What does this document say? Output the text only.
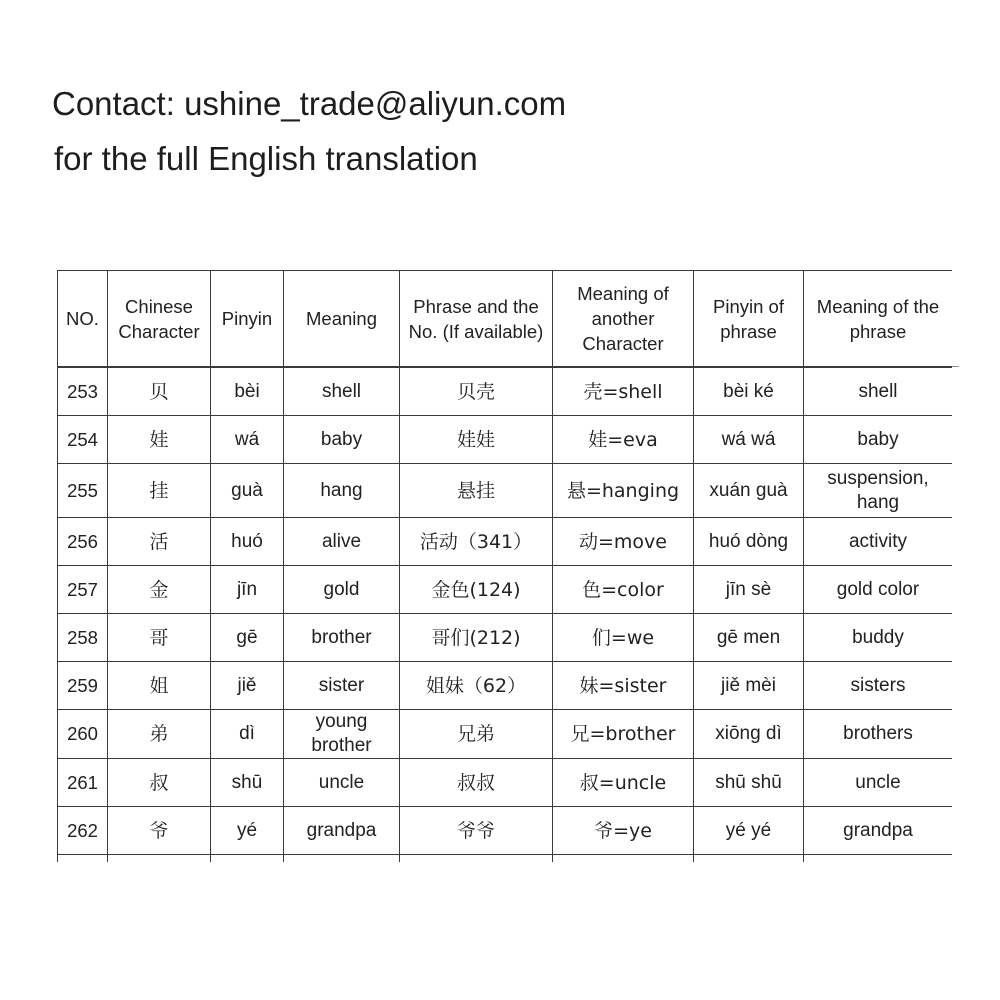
Contact: ushine_trade@aliyun.com
for the full English translation
NO.	Chinese Character	Pinyin	Meaning	Phrase and the No. (If available)	Meaning of another Character	Pinyin of phrase	Meaning of the phrase
253	贝	bèi	shell	贝壳	壳=shell	bèi ké	shell
254	娃	wá	baby	娃娃	娃=eva	wá wá	baby
255	挂	guà	hang	悬挂	悬=hanging	xuán guà	suspension, hang
256	活	huó	alive	活动（341）	动=move	huó dòng	activity
257	金	jīn	gold	金色(124)	色=color	jīn sè	gold color
258	哥	gē	brother	哥们(212)	们=we	gē men	buddy
259	姐	jiě	sister	姐妹（62）	妹=sister	jiě mèi	sisters
260	弟	dì	young brother	兄弟	兄=brother	xiōng dì	brothers
261	叔	shū	uncle	叔叔	叔=uncle	shū shū	uncle
262	爷	yé	grandpa	爷爷	爷=ye	yé yé	grandpa
